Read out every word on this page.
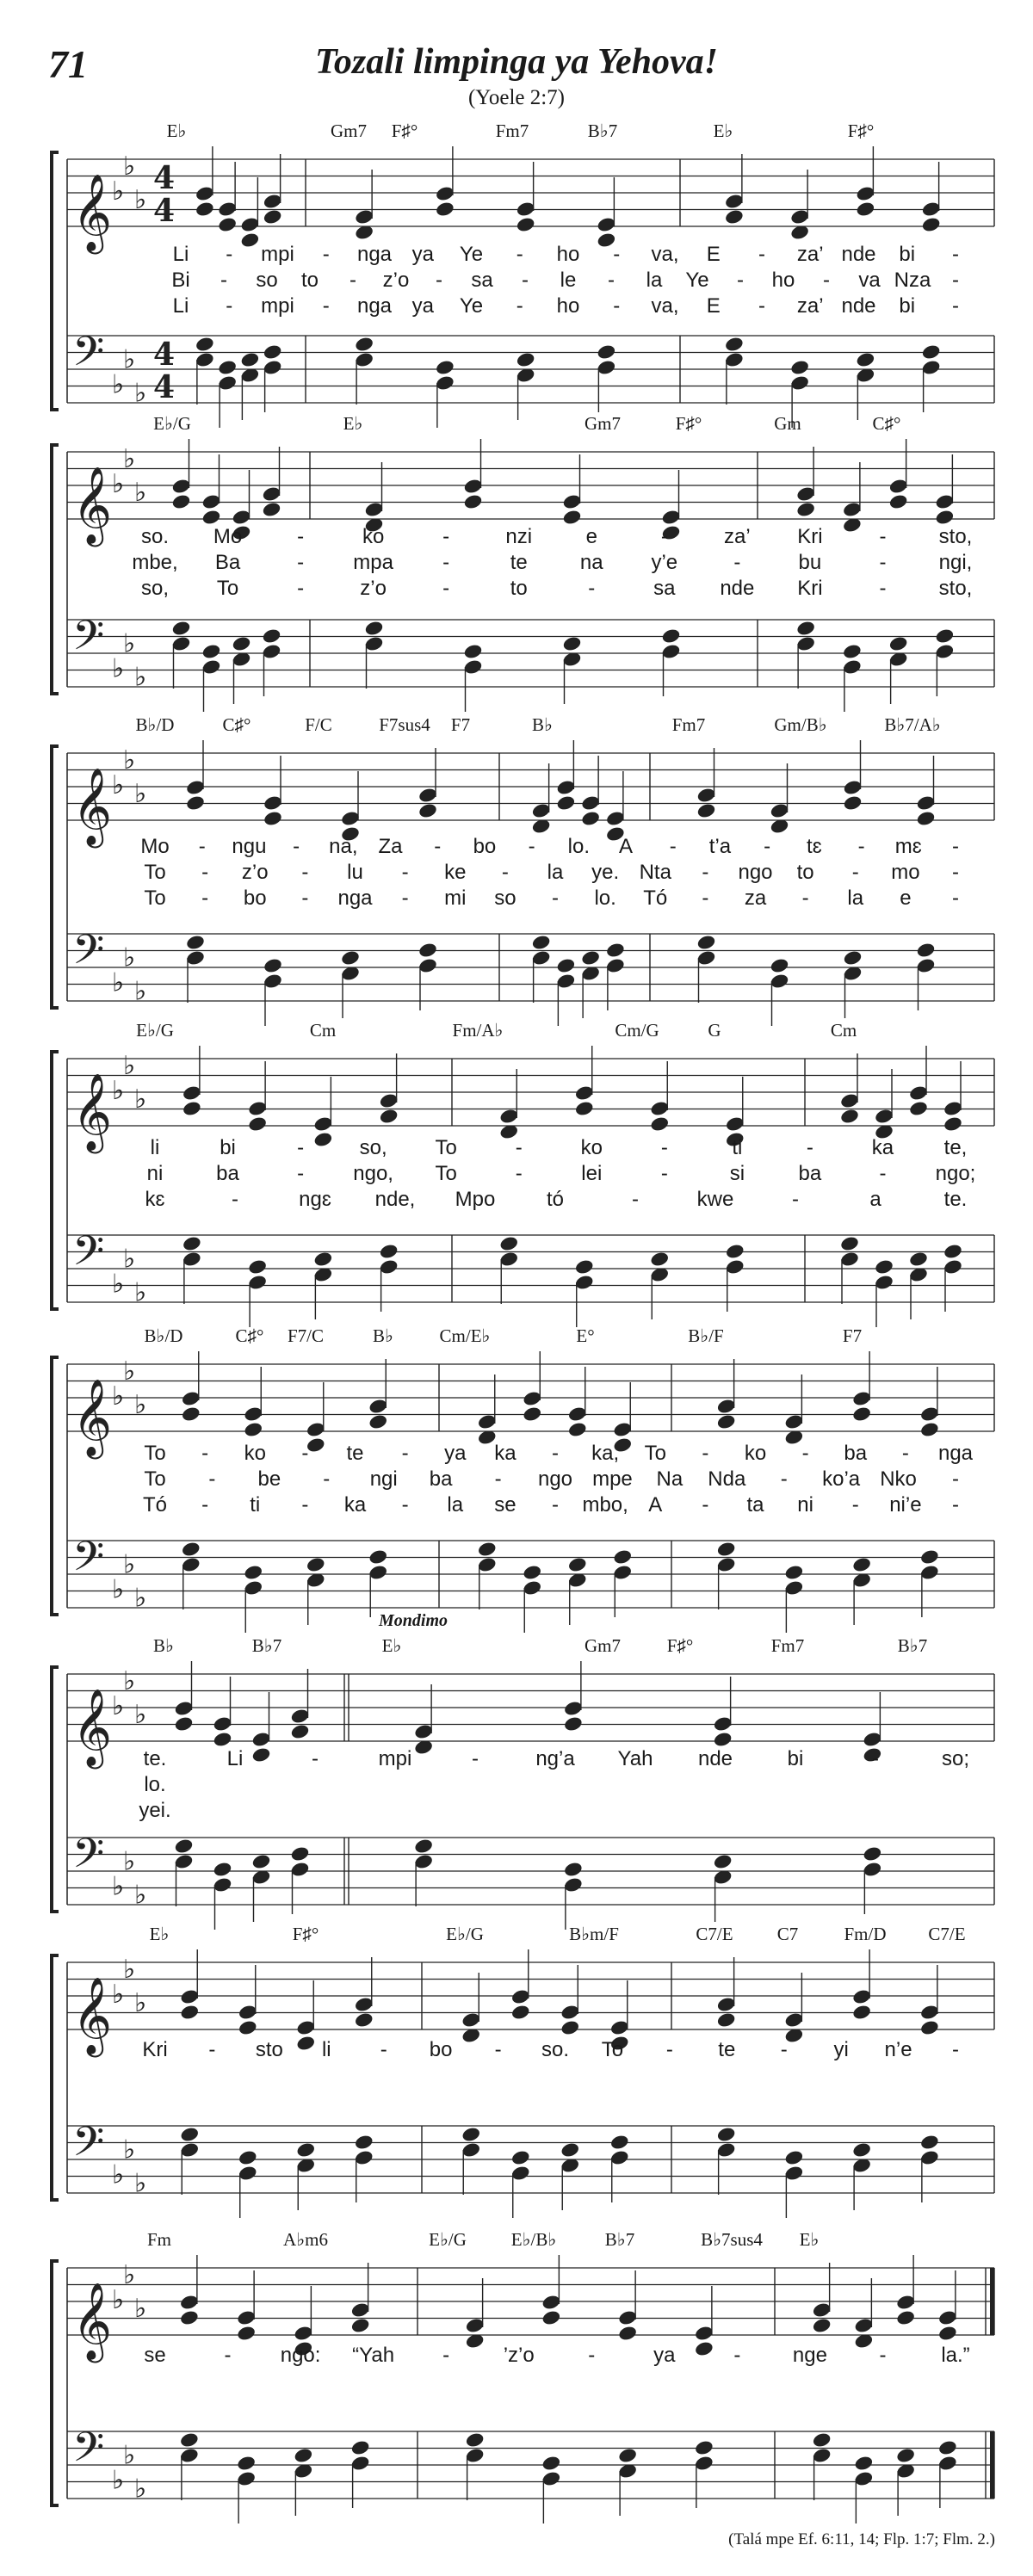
71	Tozali limpinga ya Yehova!
(Yoele 2:7)
𝄞
𝄢
♭
♭
♭
♭
♭
♭
4
4
4
4
E♭	Gm7 F♯°	Fm7	B♭7	E♭	F♯°
Li - mpi - nga ya Ye - ho - va, E - za’ nde bi -
Bi - so to - z’o - sa - le - la Ye - ho - va Nza -
Li - mpi - nga ya Ye - ho - va, E - za’ nde bi -
𝄞
𝄢
♭
♭
♭
♭
♭
♭
E♭/G	E♭	Gm7	F♯°	Gm	C♯°
so. Mo	-	ko	-	nzi	e	-	za’ Kri	-	sto,
mbe, Ba	- mpa -	te	na y’e	-	bu	-	ngi,
so, To	-	z’o	-	to	-	sa nde Kri	-	sto,
𝄞
𝄢
♭
♭
♭
♭
♭
♭
B♭/D	C♯°	F/C	F7sus4 F7	B♭	Fm7	Gm/B♭	B♭7/A♭
Mo - ngu - na, Za - bo - lo. A - t’a - tɛ - mɛ -
To - z’o - lu - ke - la ye. Nta - ngo to - mo -
To - bo - nga - mi so - lo. Tó - za - la e -
𝄞
𝄢
♭
♭
♭
♭
♭
♭
E♭/G	Cm	Fm/A♭	Cm/G	G	Cm
li	bi	-	so, To	-	ko	-	ti	-	ka te,
ni	ba	- ngo, To	-	lei	-	si	ba	- ngo;
kɛ	-	ngɛ nde, Mpo tó	-	kwe	-	a	te.
𝄞
𝄢
♭
♭
♭
♭
♭
♭
B♭/D	C♯° F7/C	B♭	Cm/E♭	E°	B♭/F	F7
To - ko - te - ya ka - ka, To - ko - ba - nga
To - be - ngi ba - ngo mpe Na Nda - ko’a Nko -
Tó - ti - ka - la se - mbo, A - ta ni - ni’e -
𝄞
𝄢
♭
♭
♭
♭
♭
♭
B♭	B♭7	E♭	Gm7	F♯°	Fm7	B♭7
Mondimo
te.	Li	-	mpi	-	ng’a Yah nde	bi	-	so;
lo.
yei.
𝄞
𝄢
♭
♭
♭
♭
♭
♭
E♭	F♯°	E♭/G	B♭m/F	C7/E C7	Fm/D C7/E
Kri - sto li - bo - so. To - te - yi n’e -
𝄞
𝄢
♭
♭
♭
♭
♭
♭
Fm	A♭m6	E♭/G E♭/B♭	B♭7	B♭7sus4 E♭
se	- ngo: “Yah -	’z’o	-	ya	-	nge	-	la.”
(Talá mpe Ef. 6:11, 14; Flp. 1:7; Flm. 2.)
